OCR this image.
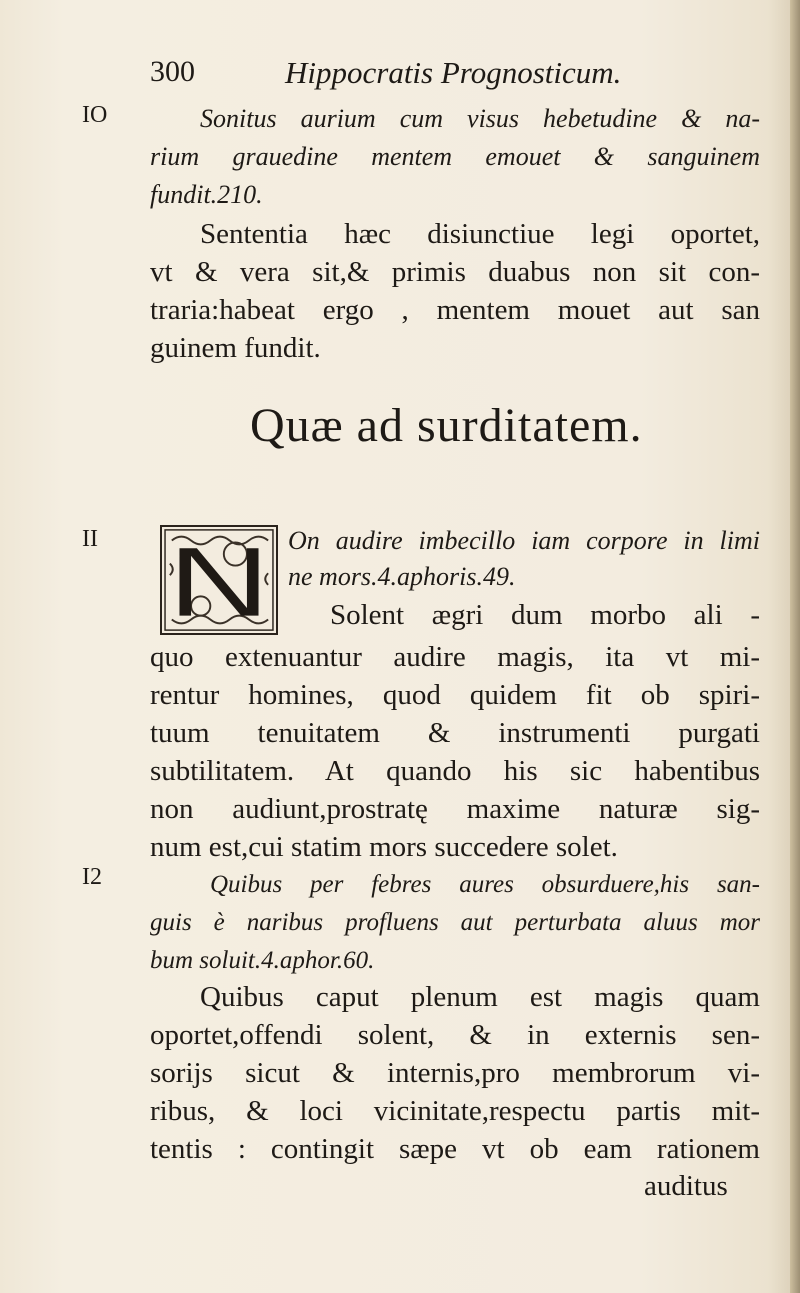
300	Hippocratis Prognosticum.
IO
II
I2
Sonitus aurium cum visus hebetudine & na-
rium grauedine mentem emouet & sanguinem
fundit.210.
Sententia hæc disiunctiue legi oportet,
vt & vera sit,& primis duabus non sit con-
traria:habeat ergo , mentem mouet aut san
guinem fundit.
Quæ ad surditatem.
On audire imbecillo iam corpore in limi
ne mors.4.aphoris.49.
Solent ægri dum morbo ali -
quo extenuantur audire magis, ita vt mi-
rentur homines, quod quidem fit ob spiri-
tuum tenuitatem & instrumenti purgati
subtilitatem. At quando his sic habentibus
non audiunt,prostratę maxime naturæ sig-
num est,cui statim mors succedere solet.
Quibus per febres aures obsurduere,his san-
guis è naribus profluens aut perturbata aluus mor
bum soluit.4.aphor.60.
Quibus caput plenum est magis quam
oportet,offendi solent, & in externis sen-
sorijs sicut & internis,pro membrorum vi-
ribus, & loci vicinitate,respectu partis mit-
tentis : contingit sæpe vt ob eam rationem
auditus
